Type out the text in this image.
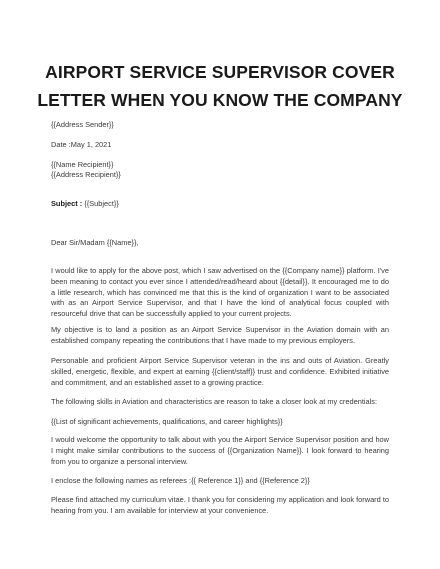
AIRPORT SERVICE SUPERVISOR COVER
LETTER WHEN YOU KNOW THE COMPANY
{{Address Sender}}
Date :May 1, 2021
{{Name Recipient}}
{{Address Recipient}}
Subject : {{Subject}}
Dear Sir/Madam {{Name}},
I would like to apply for the above post, which I saw advertised on the {{Company name}} platform. I've been meaning to contact you ever since I attended/read/heard about {{detail}}. It encouraged me to do a little research, which has convinced me that this is the kind of organization I want to be associated with as an Airport Service Supervisor, and that I have the kind of analytical focus coupled with resourceful drive that can be successfully applied to your current projects.
My objective is to land a position as an Airport Service Supervisor in the Aviation domain with an established company repeating the contributions that I have made to my previous employers.
Personable and proficient Airport Service Supervisor veteran in the ins and outs of Aviation. Greatly skilled, energetic, flexible, and expert at earning {{client/staff}} trust and confidence. Exhibited initiative and commitment, and an established asset to a growing practice.
The following skills in Aviation and characteristics are reason to take a closer look at my credentials:
{{List of significant achievements, qualifications, and career highlights}}
I would welcome the opportunity to talk about with you the Airport Service Supervisor position and how I might make similar contributions to the success of {{Organization Name}}. I look forward to hearing from you to organize a personal interview.
I enclose the following names as referees :{{ Reference 1}} and {{Reference 2}}
Please find attached my curriculum vitae. I thank you for considering my application and look forward to hearing from you. I am available for interview at your convenience.
